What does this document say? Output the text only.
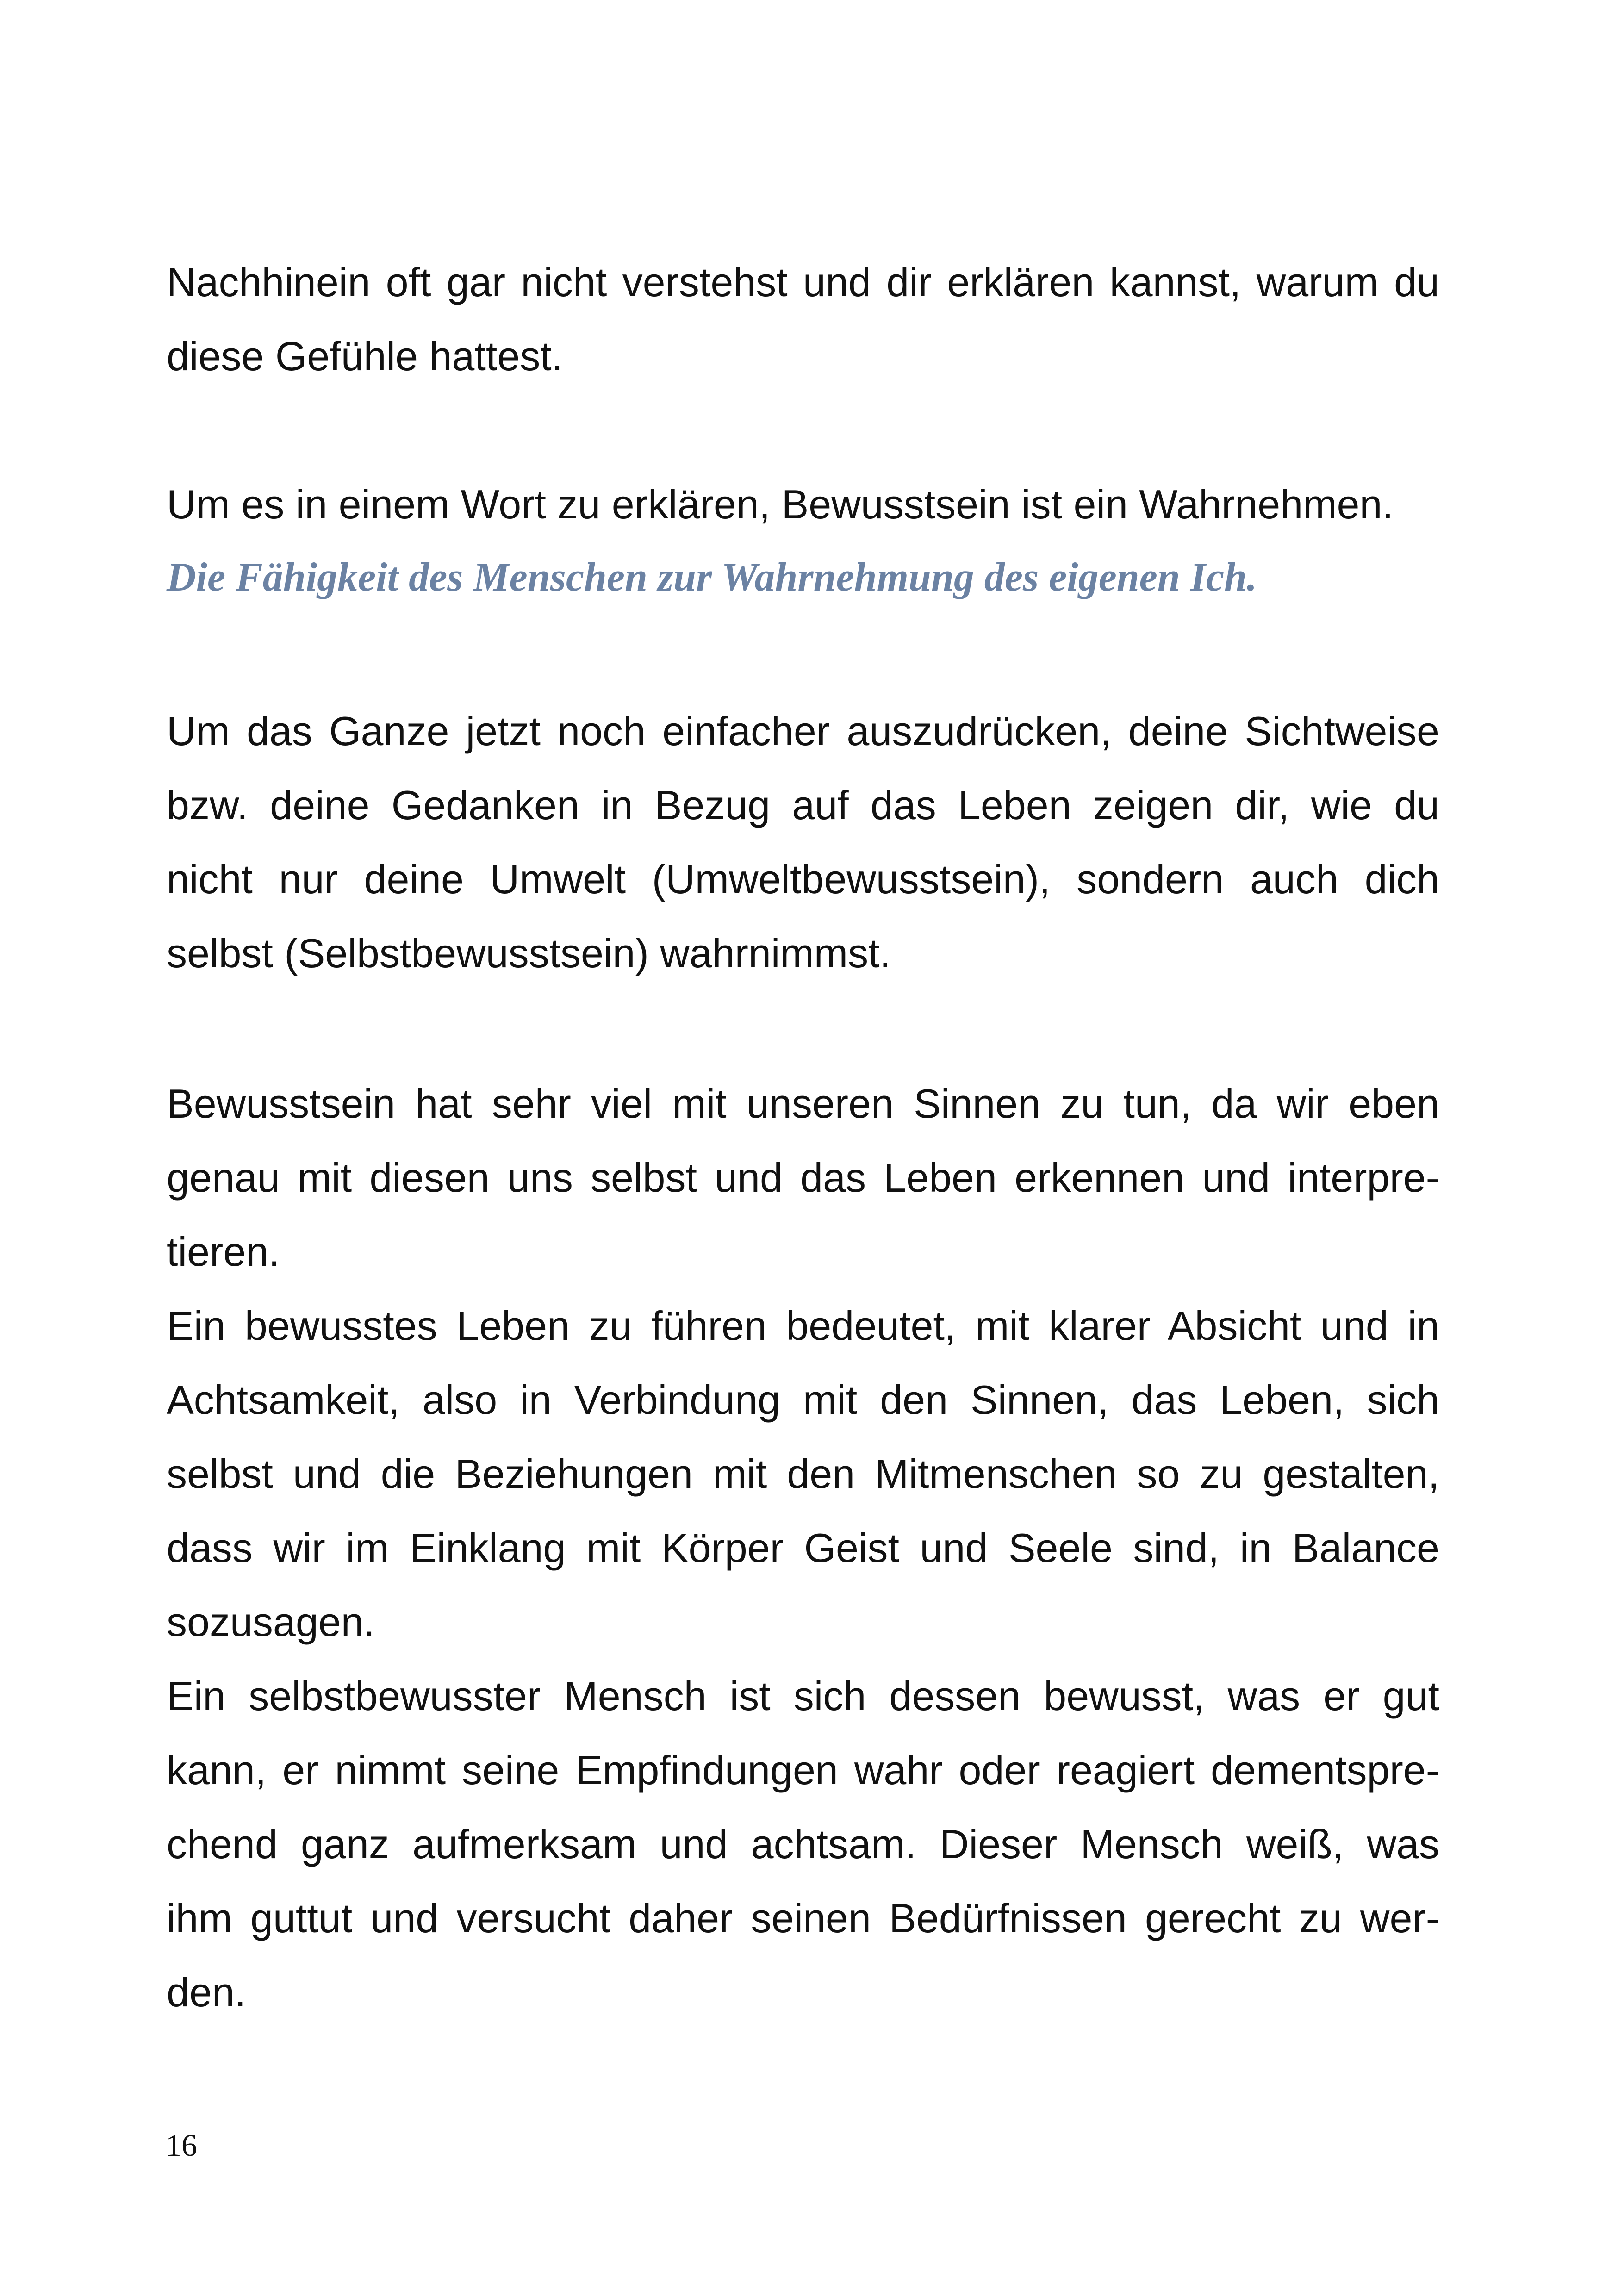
Nachhinein oft gar nicht verstehst und dir erklären kannst, warum du
diese Gefühle hattest.
Um es in einem Wort zu erklären, Bewusstsein ist ein Wahrnehmen.

Die Fähigkeit des Menschen zur Wahrnehmung des eigenen Ich.

Um das Ganze jetzt noch einfacher auszudrücken, deine Sichtweise
bzw. deine Gedanken in Bezug auf das Leben zeigen dir, wie du
nicht nur deine Umwelt (Umweltbewusstsein), sondern auch dich
selbst (Selbstbewusstsein) wahrnimmst.
Bewusstsein hat sehr viel mit unseren Sinnen zu tun, da wir eben
genau mit diesen uns selbst und das Leben erkennen und interpre-
tieren.
Ein bewusstes Leben zu führen bedeutet, mit klarer Absicht und in
Achtsamkeit, also in Verbindung mit den Sinnen, das Leben, sich
selbst und die Beziehungen mit den Mitmenschen so zu gestalten,
dass wir im Einklang mit Körper Geist und Seele sind, in Balance
sozusagen.
Ein selbstbewusster Mensch ist sich dessen bewusst, was er gut
kann, er nimmt seine Empfindungen wahr oder reagiert dementspre-
chend ganz aufmerksam und achtsam. Dieser Mensch weiß, was
ihm guttut und versucht daher seinen Bedürfnissen gerecht zu wer-
den.

16
